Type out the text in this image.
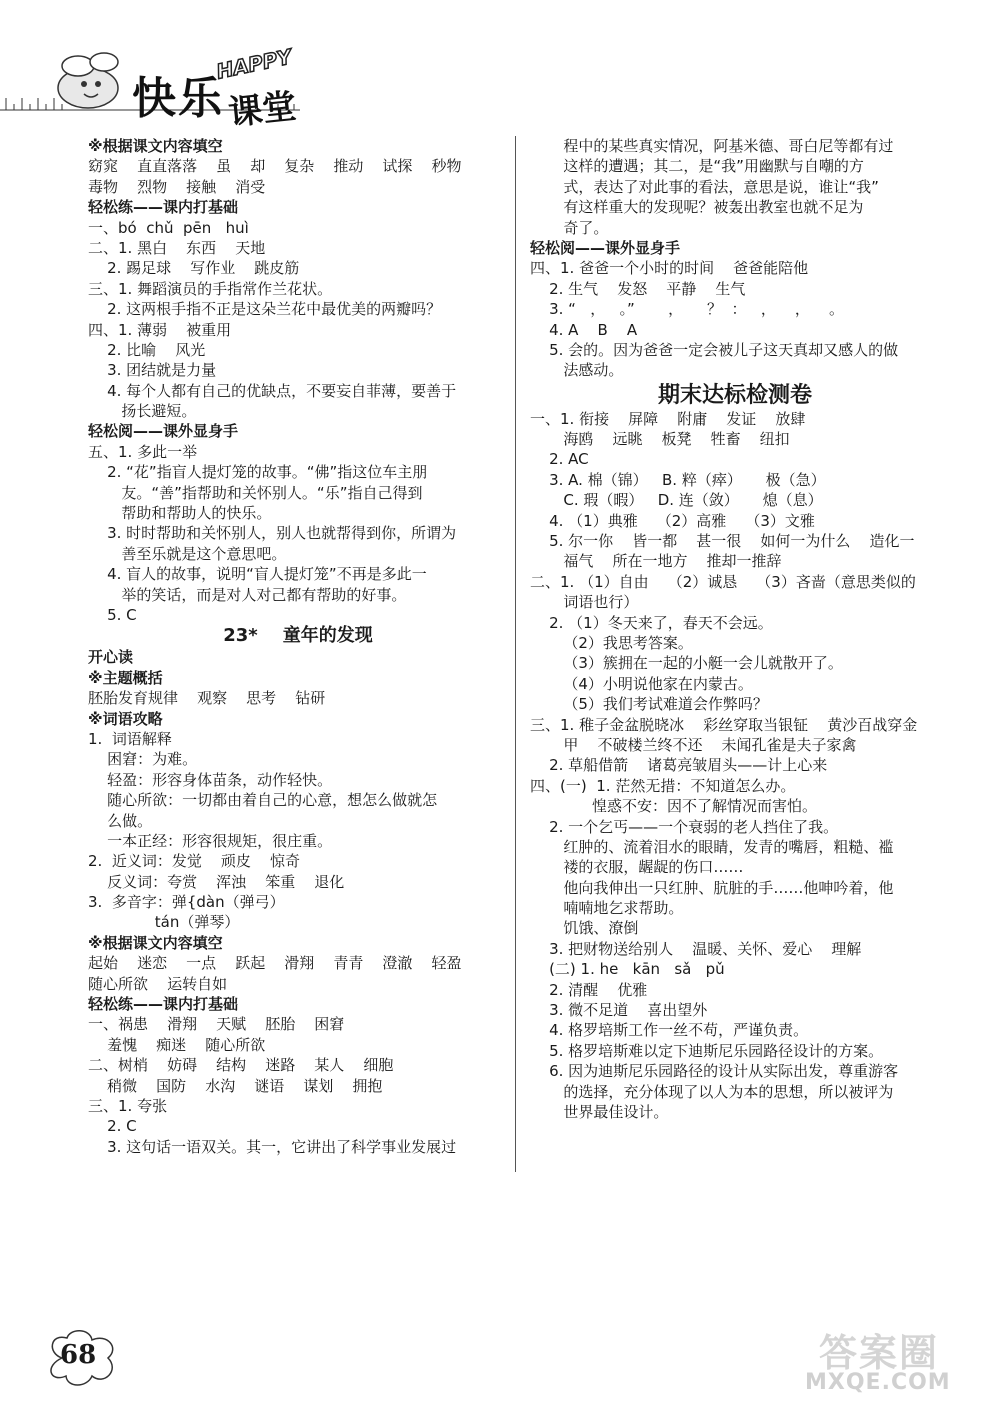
快乐
HAPPY
课堂
※根据课文内容填空
窈窕    直直落落    虽    却    复杂    推动    试探    秒物
毒物    烈物    接触    消受
轻松练——课内打基础
一、bó  chǔ  pēn   huì
二、1. 黑白    东西    天地
2. 踢足球    写作业    跳皮筋
三、1. 舞蹈演员的手指常作兰花状。
2. 这两根手指不正是这朵兰花中最优美的两瓣吗？
四、1. 薄弱    被重用
2. 比喻    风光
3. 团结就是力量
4. 每个人都有自己的优缺点，不要妄自菲薄，要善于
扬长避短。
轻松阅——课外显身手
五、1. 多此一举
2. “花”指盲人提灯笼的故事。“佛”指这位车主朋
友。“善”指帮助和关怀别人。“乐”指自己得到
帮助和帮助人的快乐。
3. 时时帮助和关怀别人，别人也就帮得到你，所谓为
善至乐就是这个意思吧。
4. 盲人的故事，说明“盲人提灯笼”不再是多此一
举的笑话，而是对人对己都有帮助的好事。
5. C
23*    童年的发现
开心读
※主题概括
胚胎发育规律    观察    思考    钻研
※词语攻略
1.  词语解释
困窘：为难。
轻盈：形容身体苗条，动作轻快。
随心所欲：一切都由着自己的心意，想怎么做就怎
么做。
一本正经：形容很规矩，很庄重。
2.  近义词：发觉    顽皮    惊奇
反义词：夸赏    浑浊    笨重    退化
3.  多音字：弹{dàn（弹弓）
tán（弹琴）
※根据课文内容填空
起始    迷恋    一点    跃起    滑翔    青青    澄澈    轻盈
随心所欲    运转自如
轻松练——课内打基础
一、祸患    滑翔    天赋    胚胎    困窘
羞愧    痴迷    随心所欲
二、树梢    妨碍    结构    迷路    某人    细胞
稍微    国防    水沟    谜语    谋划    拥抱
三、1. 夸张
2. C
3. 这句话一语双关。其一，它讲出了科学事业发展过
程中的某些真实情况，阿基米德、哥白尼等都有过
这样的遭遇；其二，是“我”用幽默与自嘲的方
式，表达了对此事的看法，意思是说，谁让“我”
有这样重大的发现呢？被轰出教室也就不足为
奇了。
轻松阅——课外显身手
四、1. 爸爸一个小时的时间    爸爸能陪他
2. 生气    发怒    平静    生气
3. “   ，   。”       ，     ？  ：   ，    ，    。
4. A    B    A
5. 会的。因为爸爸一定会被儿子这天真却又感人的做
法感动。
期末达标检测卷
一、1. 衔接    屏障    附庸    发证    放肆
海鸥    远眺    板凳    牲畜    纽扣
2. AC
3. A. 棉（锦）   B. 粹（瘁）     极（急）
C. 瑕（暇）   D. 连（敛）     熄（息）
4. （1）典雅    （2）高雅    （3）文雅
5. 尔一你    皆一都    甚一很    如何一为什么    造化一
福气    所在一地方    推却一推辞
二、1. （1）自由    （2）诚恳    （3）吝啬（意思类似的
词语也行）
2. （1）冬天来了，春天不会远。
（2）我思考答案。
（3）簇拥在一起的小艇一会儿就散开了。
（4）小明说他家在内蒙古。
（5）我们考试难道会作弊吗？
三、1. 稚子金盆脱晓冰    彩丝穿取当银钲    黄沙百战穿金
甲    不破楼兰终不还    未闻孔雀是夫子家禽
2. 草船借箭    诸葛亮皱眉头——计上心来
四、(一)  1. 茫然无措：不知道怎么办。
惶惑不安：因不了解情况而害怕。
2. 一个乞丐——一个衰弱的老人挡住了我。
红肿的、流着泪水的眼睛，发青的嘴唇，粗糙、褴
褛的衣服，龌龊的伤口……
他向我伸出一只红肿、肮脏的手……他呻吟着，他
喃喃地乞求帮助。
饥饿、潦倒
3. 把财物送给别人    温暖、关怀、爱心    理解
(二) 1. he   kān   sǎ   pǔ
2. 清醒    优雅
3. 微不足道    喜出望外
4. 格罗培斯工作一丝不苟，严谨负责。
5. 格罗培斯难以定下迪斯尼乐园路径设计的方案。
6. 因为迪斯尼乐园路径的设计从实际出发，尊重游客
的选择，充分体现了以人为本的思想，所以被评为
世界最佳设计。
68	答案圈
MXQE.COM
